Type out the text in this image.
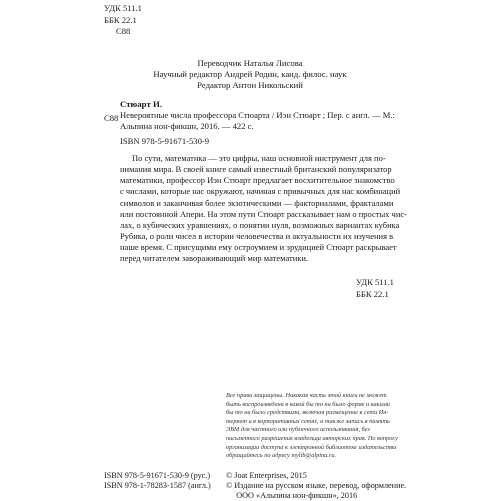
УДК 511.1
ББК 22.1
С88
Переводчик Наталья Лисова
Научный редактор Андрей Родин, канд. филос. наук
Редактор Антон Никольский
С88
Стюарт И.
Невероятные числа профессора Стюарта / Иэн Стюарт ; Пер. с англ. — М.:
Альпина нон-фикшн, 2016. — 422 с.
ISBN 978-5-91671-530-9
По сути, математика — это цифры, наш основной инструмент для по-
нимания мира. В своей книге самый известный британский популяризатор
математики, профессор Иэн Стюарт предлагает восхитительное знакомство
с числами, которые нас окружают, начиная с привычных для нас комбинаций
символов и заканчивая более экзотическими — факториалами, фракталами
или постоянной Апери. На этом пути Стюарт рассказывает нам о простых чис-
лах, о кубических уравнениях, о понятии нуля, возможных вариантах кубика
Рубика, о роли чисел в истории человечества и актуальности их изучения в
наше время. С присущими ему остроумием и эрудицией Стюарт раскрывает
перед читателем завораживающий мир математики.
УДК 511.1
ББК 22.1
Все права защищены. Никакая часть этой книги не может
быть воспроизведена в какой бы то ни было форме и какими
бы то ни было средствами, включая размещение в сети Ин-
тернет и в корпоративных сетях, а также запись в память
ЭВМ для частного или публичного использования, без
письменного разрешения владельца авторских прав. По вопросу
организации доступа к электронной библиотеке издательства
обращайтесь по адресу mylib@alpina.ru.
ISBN 978-5-91671-530-9 (рус.)
ISBN 978-1-78283-1587 (англ.)
© Joat Enterprises, 2015
© Издание на русском языке, перевод, оформление.
ООО «Альпина нон-фикшн», 2016
